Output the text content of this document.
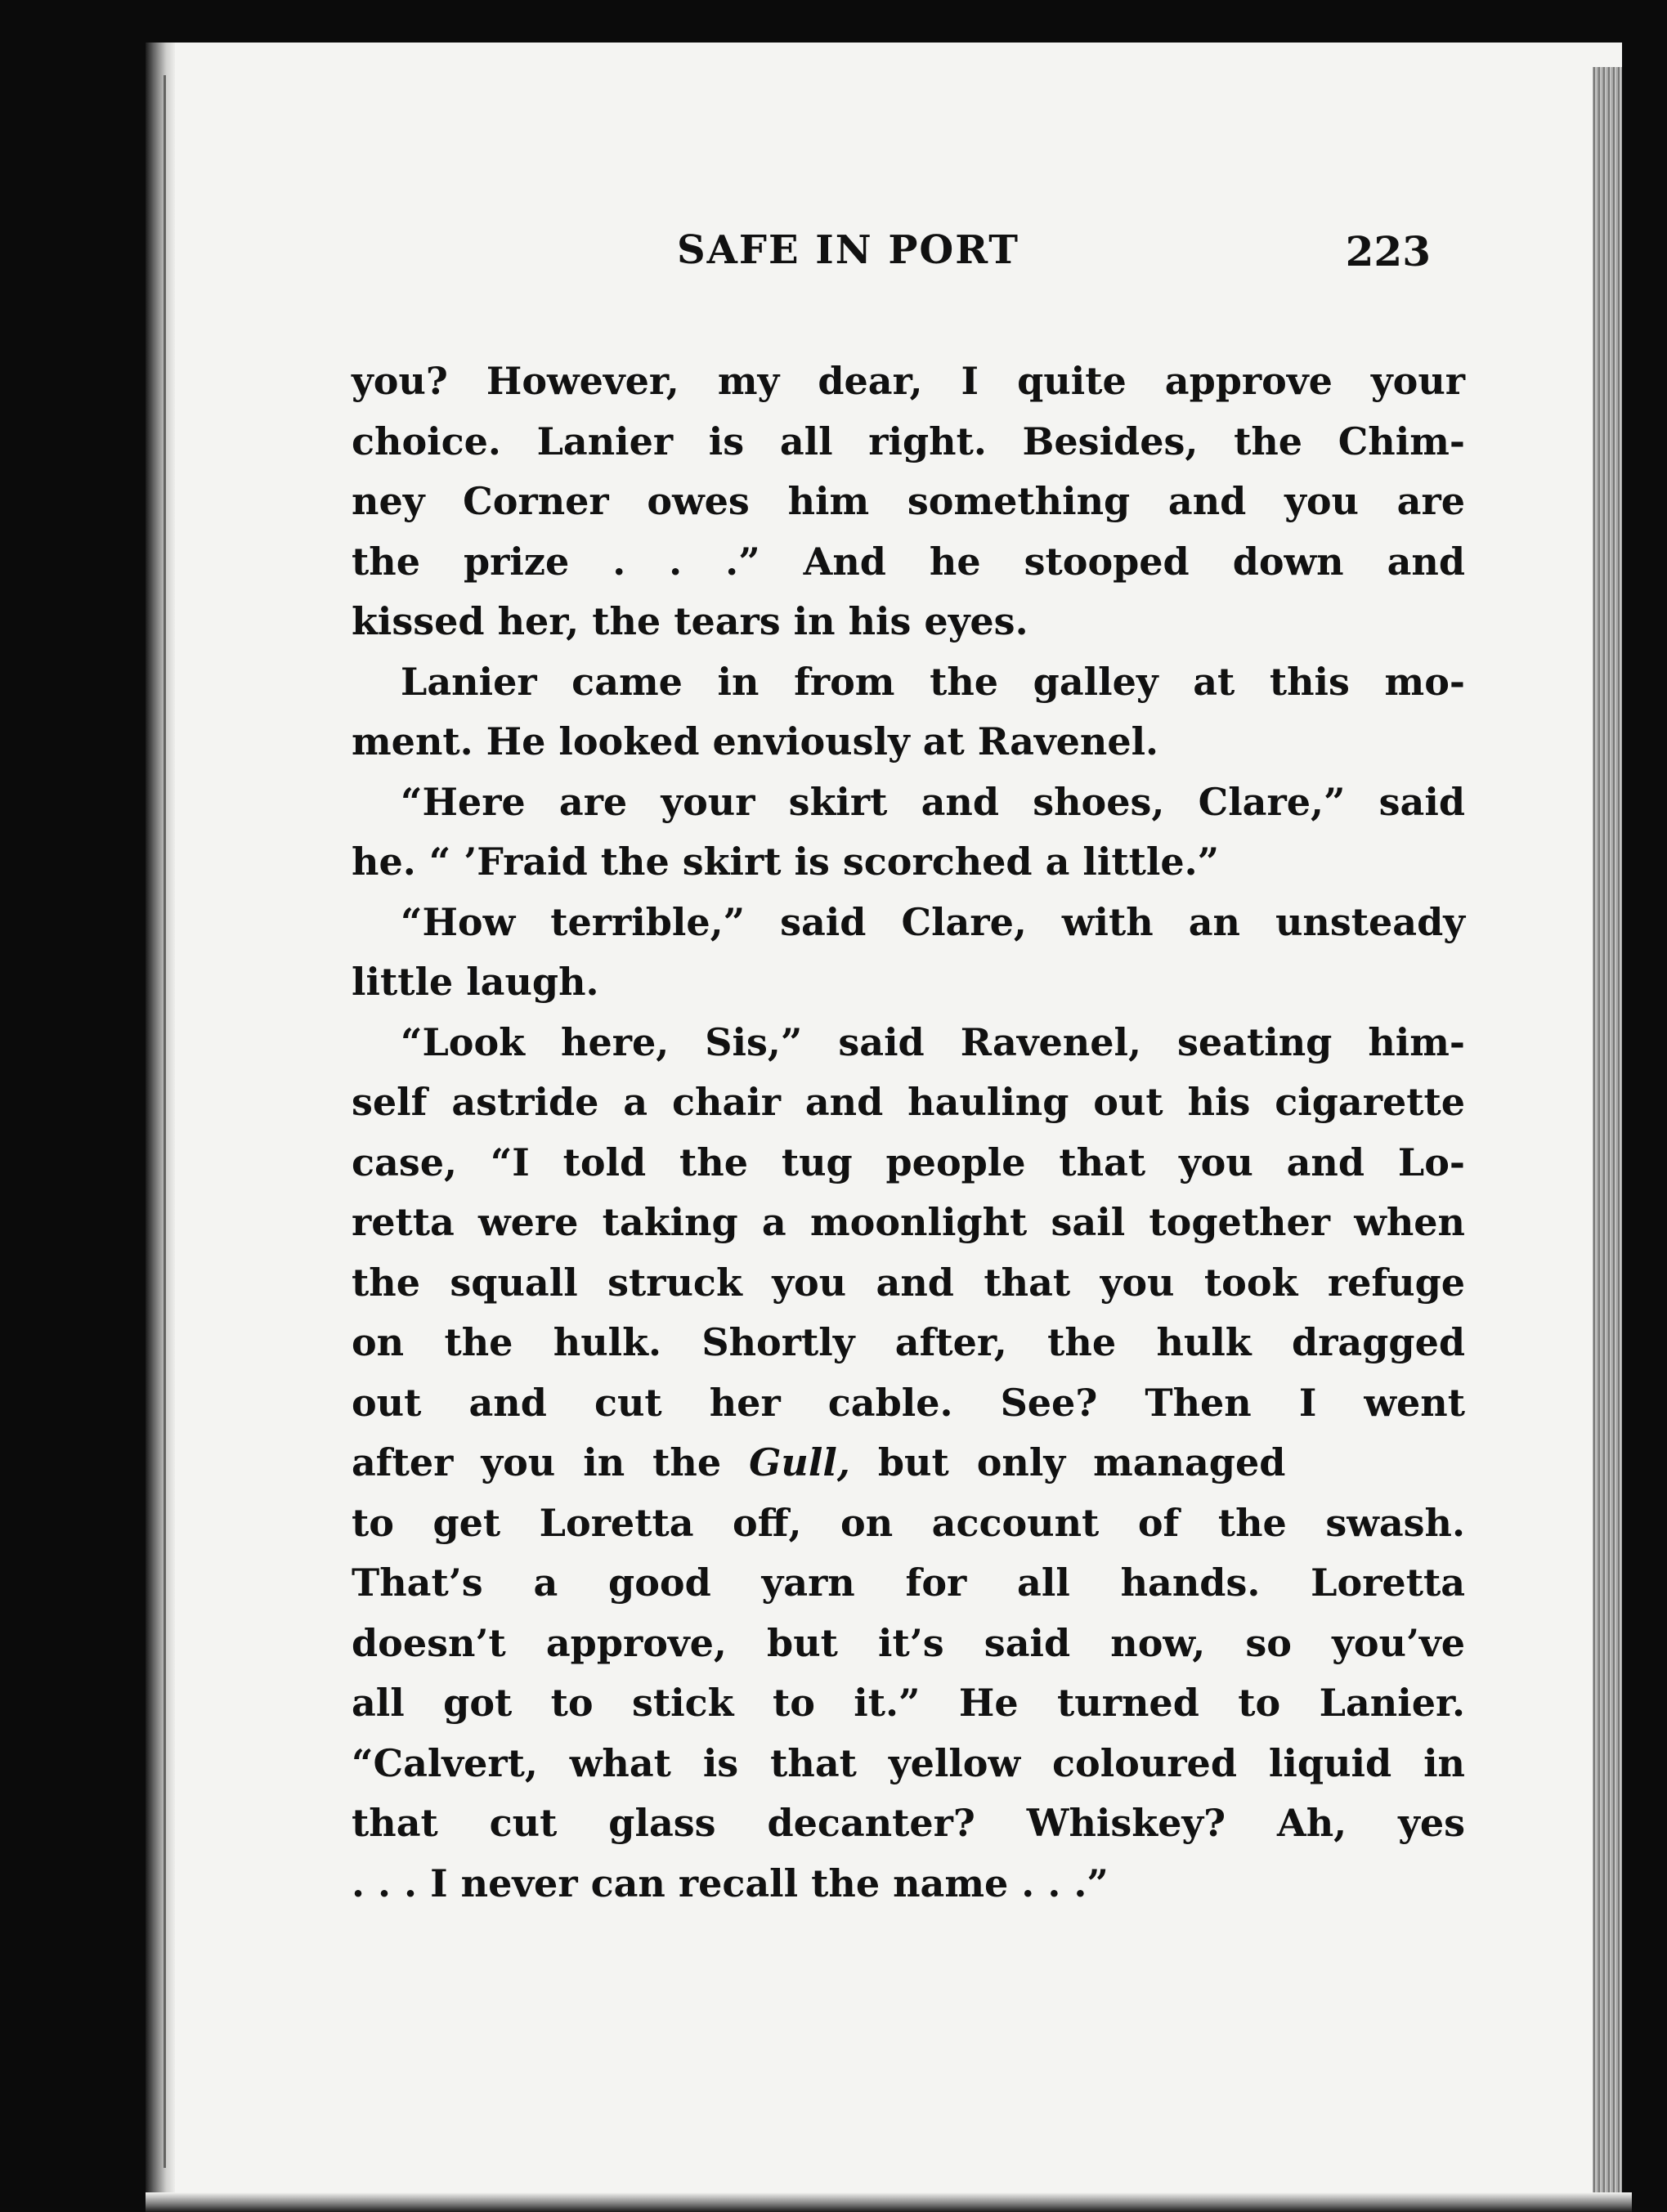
SAFE IN PORT	223
you? However, my dear, I quite approve your
choice. Lanier is all right. Besides, the Chim-
ney Corner owes him something and you are
the prize . . .” And he stooped down and
kissed her, the tears in his eyes.
Lanier came in from the galley at this mo-
ment. He looked enviously at Ravenel.
“Here are your skirt and shoes, Clare,” said
he. “ ’Fraid the skirt is scorched a little.”
“How terrible,” said Clare, with an unsteady
little laugh.
“Look here, Sis,” said Ravenel, seating him-
self astride a chair and hauling out his cigarette
case, “I told the tug people that you and Lo-
retta were taking a moonlight sail together when
the squall struck you and that you took refuge
on the hulk. Shortly after, the hulk dragged
out and cut her cable. See? Then I went
after you in the Gull, but only managed
to get Loretta off, on account of the swash.
That’s a good yarn for all hands. Loretta
doesn’t approve, but it’s said now, so you’ve
all got to stick to it.” He turned to Lanier.
“Calvert, what is that yellow coloured liquid in
that cut glass decanter? Whiskey? Ah, yes
. . . I never can recall the name . . .”
